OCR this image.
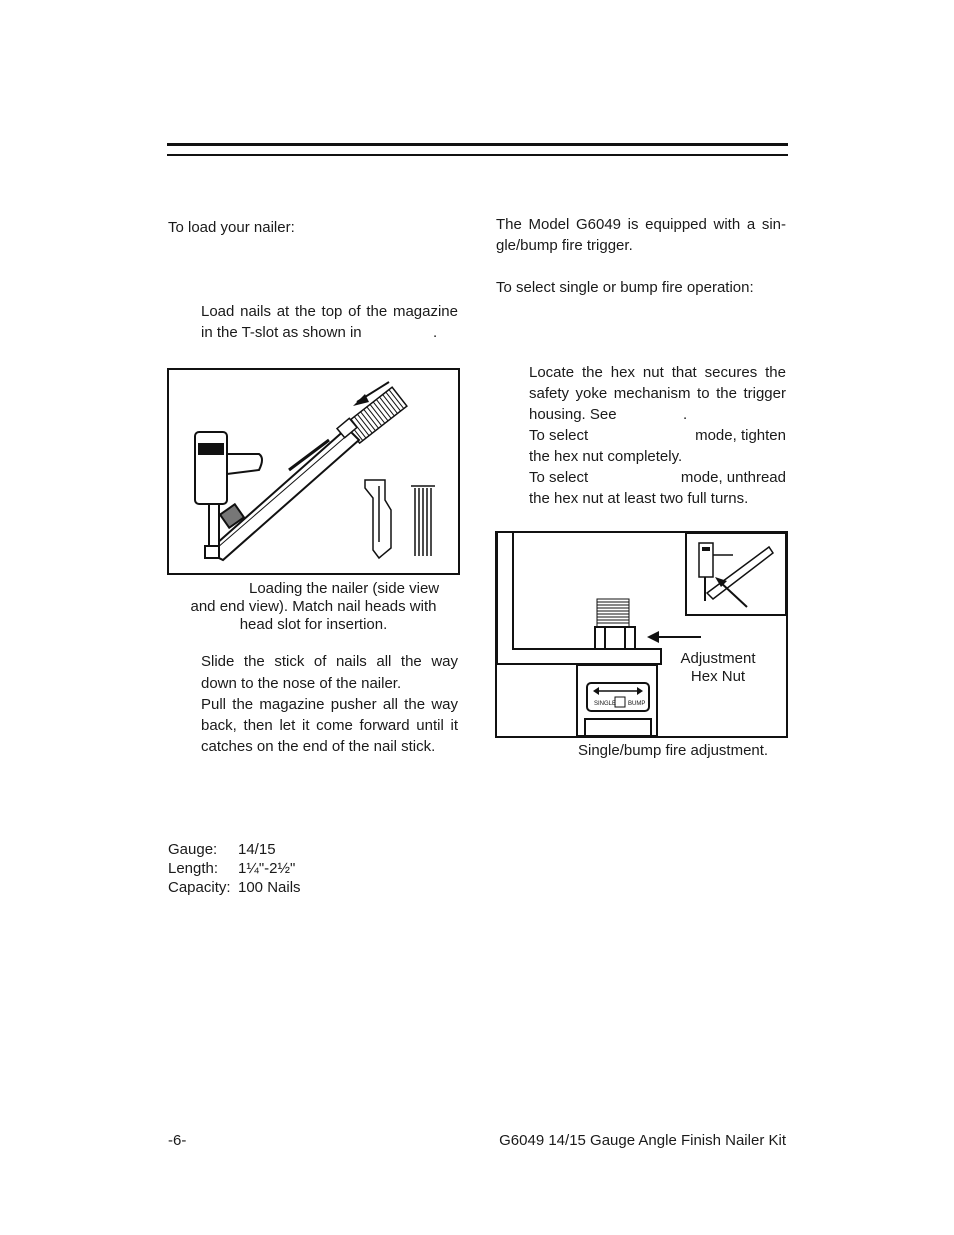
To load your nailer:
Load nails at the top of the magazine
in the T-slot as shown in	.
Loading the nailer (side view
and end view). Match nail heads with
head slot for insertion.
Slide the stick of nails all the way
down to the nose of the nailer.
Pull the magazine pusher all the way
back, then let it come forward until it
catches on the end of the nail stick.
Gauge: 14/15
Length: 1¼"-2½"
Capacity: 100 Nails
The Model G6049 is equipped with a sin-
gle/bump fire trigger.
To select single or bump fire operation:
Locate the hex nut that secures the
safety yoke mechanism to the trigger
housing. See	.
To select	mode, tighten
the hex nut completely.
To select	mode, unthread
the hex nut at least two full turns.
SINGLE BUMP
Adjustment
Hex Nut
Single/bump fire adjustment.
-6-	G6049 14/15 Gauge Angle Finish Nailer Kit
